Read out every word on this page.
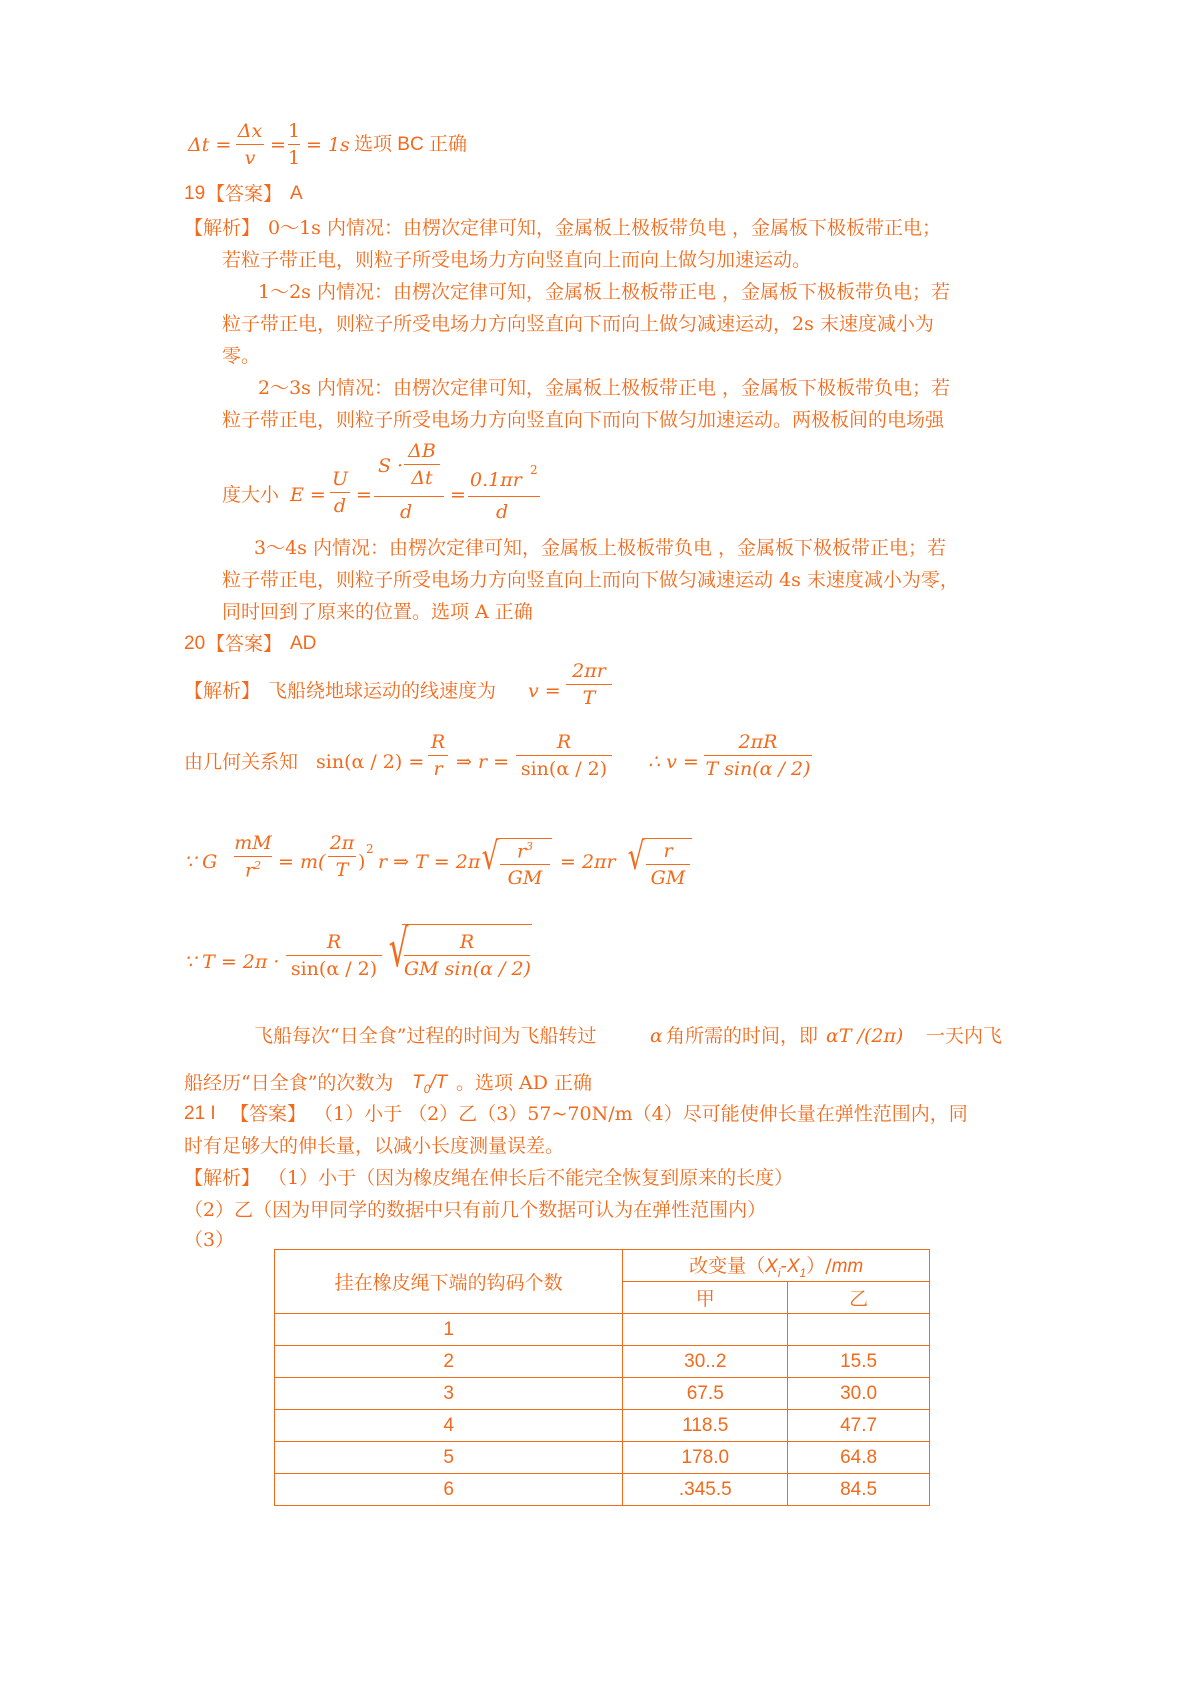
Δt =
Δx
v
=
1
1
= 1s 选项 BC 正确
19 【答案】 A
【解析】 0～1s 内情况：由楞次定律可知，金属板上极板带负电 ，金属板下极板带正电；
若粒子带正电，则粒子所受电场力方向竖直向上而向上做匀加速运动。
1～2s 内情况：由楞次定律可知，金属板上极板带正电 ，金属板下极板带负电；若
粒子带正电，则粒子所受电场力方向竖直向下而向上做匀减速运动，2s 末速度减小为
零。
2～3s 内情况：由楞次定律可知，金属板上极板带正电 ，金属板下极板带负电；若
粒子带正电，则粒子所受电场力方向竖直向下而向下做匀加速运动。两极板间的电场强
度大小 E =
U
d =
S ·
ΔB
Δt
d
=
0.1πr 2
d
3～4s 内情况：由楞次定律可知，金属板上极板带负电 ，金属板下极板带正电；若
粒子带正电，则粒子所受电场力方向竖直向上而向下做匀减速运动 4s 末速度减小为零，
同时回到了原来的位置。选项 A 正确
20 【答案】 AD
【解析】 飞船绕地球运动的线速度为 v =
2πr
T
由几何关系知 sin(α / 2) =
R
r ⇒ r =
R
sin(α / 2) ∴ v =
2πR
T sin(α / 2)
∵ G
mM
$r^2 = m$(
2π
T )
2
r ⇒ T = 2π √ $r^3$
GM
= 2πr √ r
GM
∵ T = 2π ·
R
sin(α / 2) √	R
GM sin(α / 2)
飞船每次“日全食”过程的时间为飞船转过	α 角所需的时间，即 αT /(2π) 一天内飞
船经历“日全食”的次数为 $T_0/T$ 。选项 AD 正确
21 I 【答案】 （1）小于 （2）乙（3）57~70N/m（4）尽可能使伸长量在弹性范围内，同
时有足够大的伸长量，以减小长度测量误差。
【解析】 （1）小于（因为橡皮绳在伸长后不能完全恢复到原来的长度）
（2）乙（因为甲同学的数据中只有前几个数据可认为在弹性范围内）
（3）
挂在橡皮绳下端的钩码个数	改变量$(X_i-X_1)/mm$	
	甲	乙
1		
2	30..2	15.5
3	67.5	30.0
4	118.5	47.7
5	178.0	64.8
6	.345.5	84.5
